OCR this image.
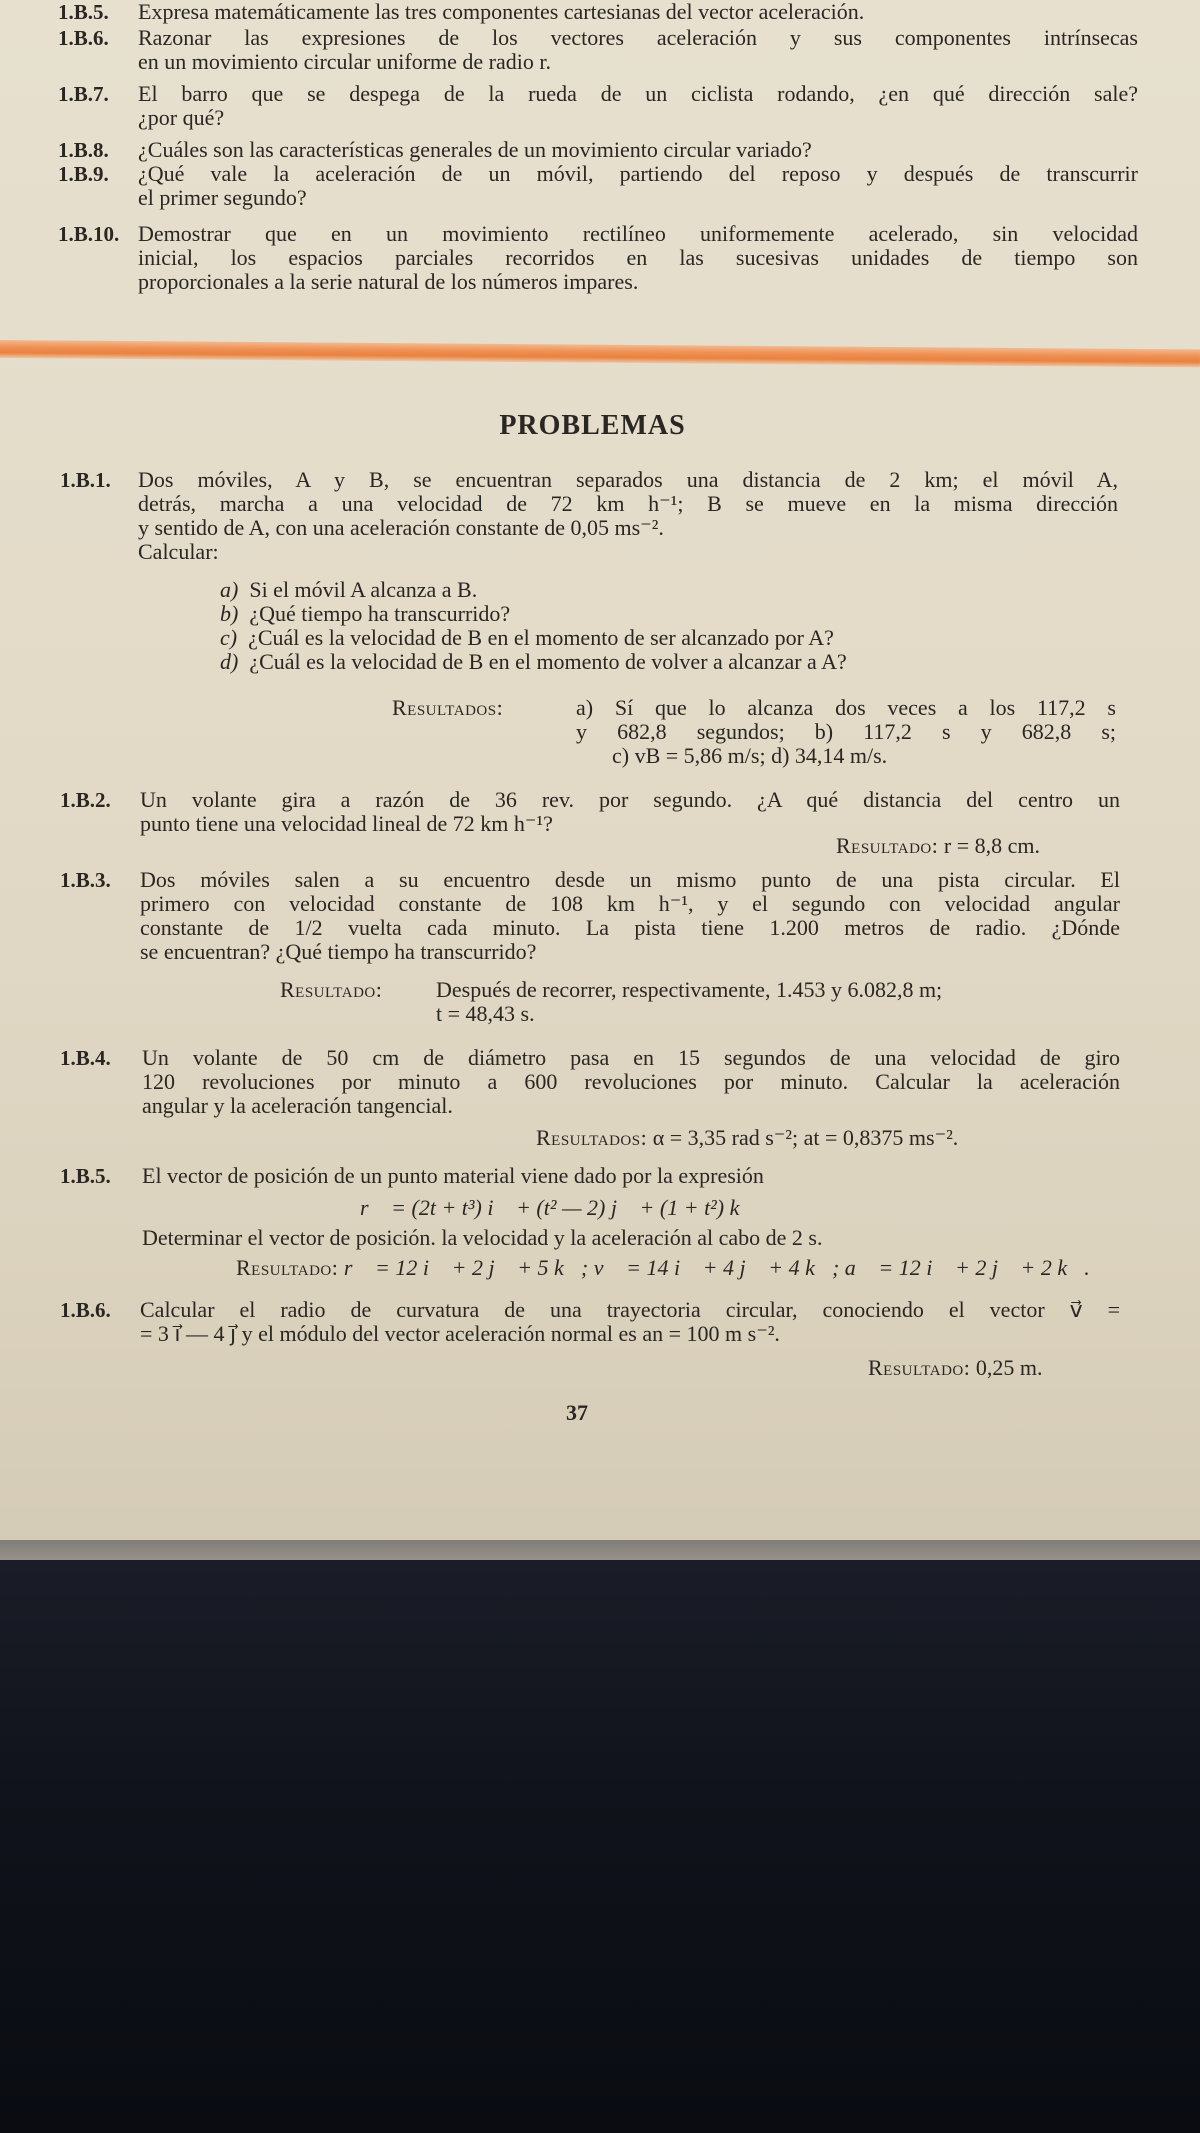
1.B.5. Expresa matemáticamente las tres componentes cartesianas del vector aceleración.
1.B.6. Razonar las expresiones de los vectores aceleración y sus componentes intrínsecas
en un movimiento circular uniforme de radio r.
1.B.7. El barro que se despega de la rueda de un ciclista rodando, ¿en qué dirección sale?
¿por qué?
1.B.8. ¿Cuáles son las características generales de un movimiento circular variado?
1.B.9. ¿Qué vale la aceleración de un móvil, partiendo del reposo y después de transcurrir
el primer segundo?
1.B.10. Demostrar que en un movimiento rectilíneo uniformemente acelerado, sin velocidad
inicial, los espacios parciales recorridos en las sucesivas unidades de tiempo son
proporcionales a la serie natural de los números impares.
PROBLEMAS
1.B.1. Dos móviles, A y B, se encuentran separados una distancia de 2 km; el móvil A,
detrás, marcha a una velocidad de 72 km h⁻¹; B se mueve en la misma dirección
y sentido de A, con una aceleración constante de 0,05 ms⁻².
Calcular:
a) Si el móvil A alcanza a B.
b) ¿Qué tiempo ha transcurrido?
c) ¿Cuál es la velocidad de B en el momento de ser alcanzado por A?
d) ¿Cuál es la velocidad de B en el momento de volver a alcanzar a A?
Resultados:	a) Sí que lo alcanza dos veces a los 117,2 s
y 682,8 segundos; b) 117,2 s y 682,8 s;
c) vB = 5,86 m/s; d) 34,14 m/s.
1.B.2. Un volante gira a razón de 36 rev. por segundo. ¿A qué distancia del centro un
punto tiene una velocidad lineal de 72 km h⁻¹?
Resultado: r = 8,8 cm.
1.B.3. Dos móviles salen a su encuentro desde un mismo punto de una pista circular. El
primero con velocidad constante de 108 km h⁻¹, y el segundo con velocidad angular
constante de 1/2 vuelta cada minuto. La pista tiene 1.200 metros de radio. ¿Dónde
se encuentran? ¿Qué tiempo ha transcurrido?
Resultado: Después de recorrer, respectivamente, 1.453 y 6.082,8 m;
t = 48,43 s.
1.B.4. Un volante de 50 cm de diámetro pasa en 15 segundos de una velocidad de giro
120 revoluciones por minuto a 600 revoluciones por minuto. Calcular la aceleración
angular y la aceleración tangencial.
Resultados: α = 3,35 rad s⁻²; at = 0,8375 ms⁻².
1.B.5. El vector de posición de un punto material viene dado por la expresión
r⃗ = (2t + t³) i⃗ + (t² — 2) j⃗ + (1 + t²) k⃗
Determinar el vector de posición. la velocidad y la aceleración al cabo de 2 s.
Resultado: r⃗ = 12 i⃗ + 2 j⃗ + 5 k⃗; v⃗ = 14 i⃗ + 4 j⃗ + 4 k⃗; a⃗ = 12 i⃗ + 2 j⃗ + 2 k⃗.
1.B.6. Calcular el radio de curvatura de una trayectoria circular, conociendo el vector v⃗ =
= 3 i⃗ — 4 j⃗ y el módulo del vector aceleración normal es an = 100 m s⁻².
Resultado: 0,25 m.
37
